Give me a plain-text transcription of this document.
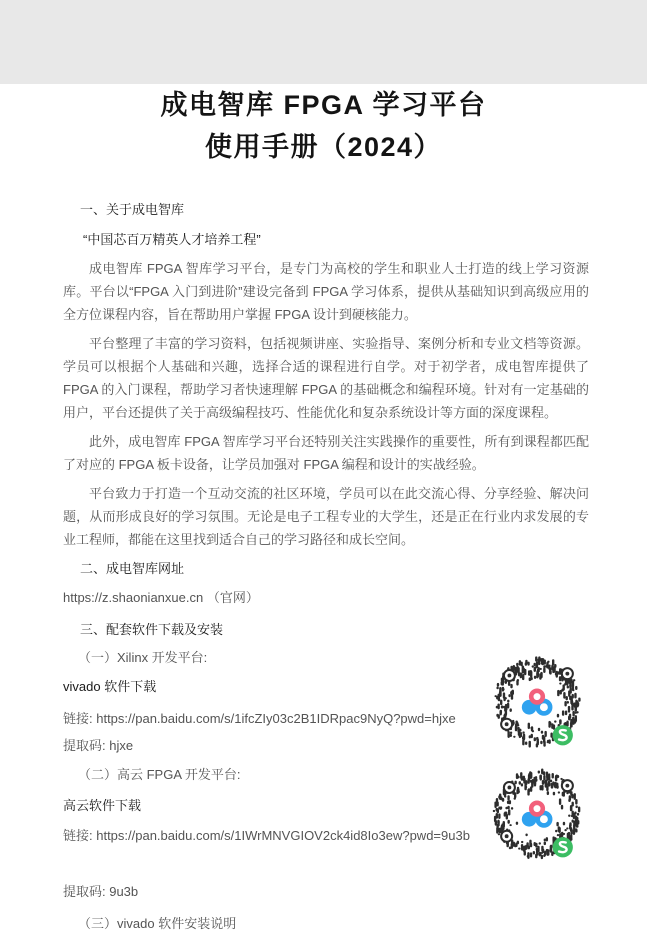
成电智库 FPGA 学习平台
使用手册（2024）
一、关于成电智库

“中国芯百万精英人才培养工程”

成电智库 FPGA 智库学习平台，是专门为高校的学生和职业人士打造的线上学习资源库。平台以“FPGA 入门到进阶”建设完备到 FPGA 学习体系，提供从基础知识到高级应用的全方位课程内容，旨在帮助用户掌握 FPGA 设计到硬核能力。

平台整理了丰富的学习资料，包括视频讲座、实验指导、案例分析和专业文档等资源。学员可以根据个人基础和兴趣，选择合适的课程进行自学。对于初学者，成电智库提供了 FPGA 的入门课程，帮助学习者快速理解 FPGA 的基础概念和编程环境。针对有一定基础的用户，平台还提供了关于高级编程技巧、性能优化和复杂系统设计等方面的深度课程。

此外，成电智库 FPGA 智库学习平台还特别关注实践操作的重要性，所有到课程都匹配了对应的 FPGA 板卡设备，让学员加强对 FPGA 编程和设计的实战经验。

平台致力于打造一个互动交流的社区环境，学员可以在此交流心得、分享经验、解决问题，从而形成良好的学习氛围。无论是电子工程专业的大学生，还是正在行业内求发展的专业工程师，都能在这里找到适合自己的学习路径和成长空间。

二、成电智库网址

https://z.shaonianxue.cn （官网）

三、配套软件下载及安装

（一）Xilinx 开发平台:

vivado 软件下载

链接: https://pan.baidu.com/s/1ifcZIy03c2B1IDRpac9NyQ?pwd=hjxe

提取码: hjxe

（二）高云 FPGA 开发平台:

高云软件下载

链接: https://pan.baidu.com/s/1IWrMNVGIOV2ck4id8Io3ew?pwd=9u3b

提取码: 9u3b

（三）vivado 软件安装说明
